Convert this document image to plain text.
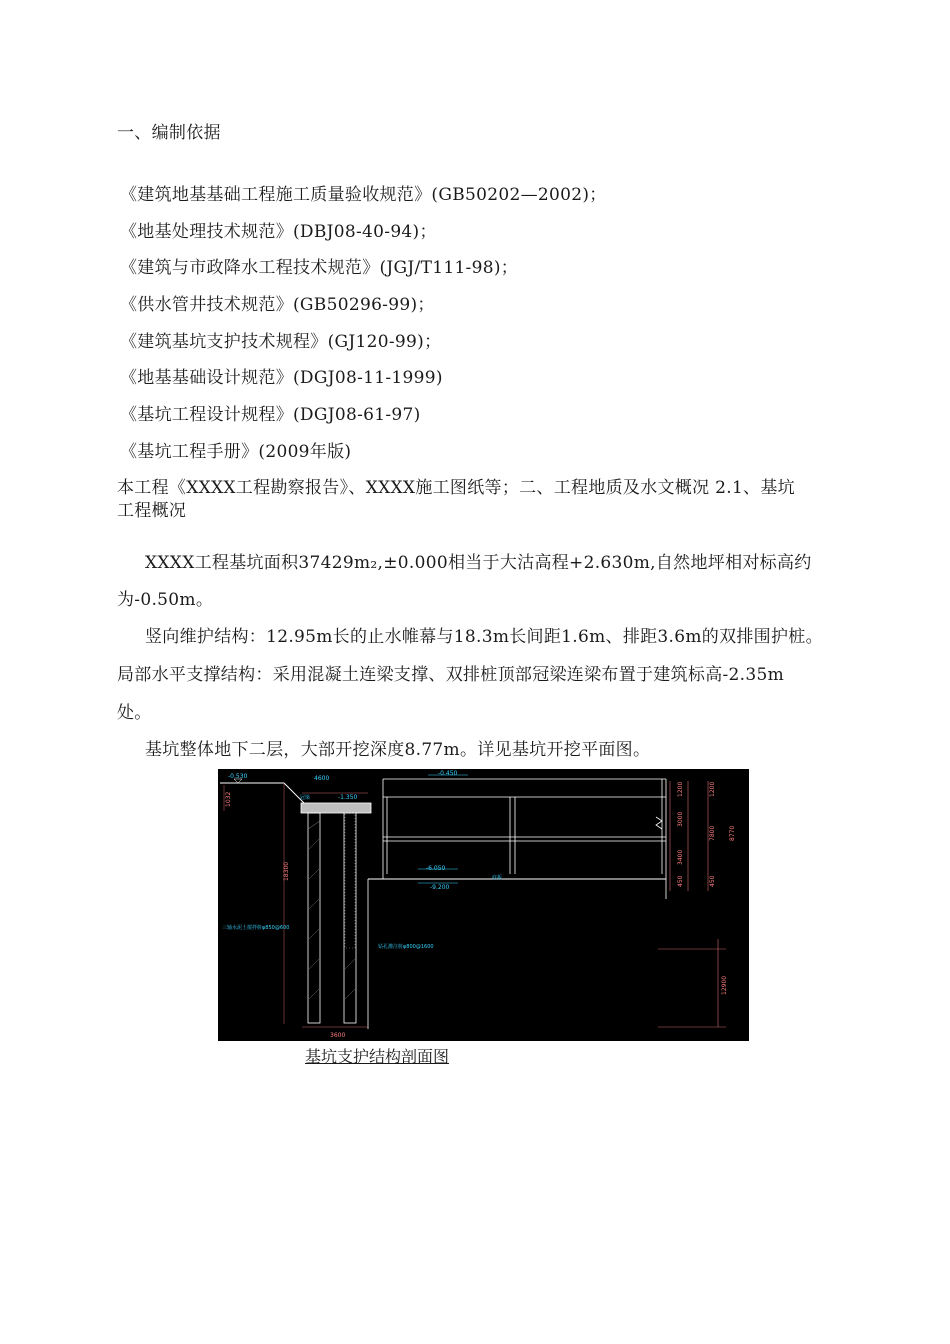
一、编制依据
《建筑地基基础工程施工质量验收规范》(GB50202—2002)；
《地基处理技术规范》(DBJ08-40-94)；
《建筑与市政降水工程技术规范》(JGJ/T111-98)；
《供水管井技术规范》(GB50296-99)；
《建筑基坑支护技术规程》(GJ120-99)；
《地基基础设计规范》(DGJ08-11-1999)
《基坑工程设计规程》(DGJ08-61-97)
《基坑工程手册》(2009年版)
本工程《XXXX工程勘察报告》、XXXX施工图纸等；二、工程地质及水文概况 2.1、基坑
工程概况
XXXX工程基坑面积37429m₂,±0.000相当于大沽高程+2.630m,自然地坪相对标高约
为-0.50m。
竖向维护结构：12.95m长的止水帷幕与18.3m长间距1.6m、排距3.6m的双排围护桩。
局部水平支撑结构：采用混凝土连梁支撑、双排桩顶部冠梁连梁布置于建筑标高-2.35m
处。
基坑整体地下二层，大部开挖深度8.77m。详见基坑开挖平面图。
-0.530	4600
-1.350
冠梁
-0.450
-6.050
-9.200
底板
三轴水泥土搅拌桩φ850@600
钻孔灌注桩φ800@1600
18300
1032
1200	1200
3000
3400
7800 8770
450	450
12900
3600
基坑支护结构剖面图
